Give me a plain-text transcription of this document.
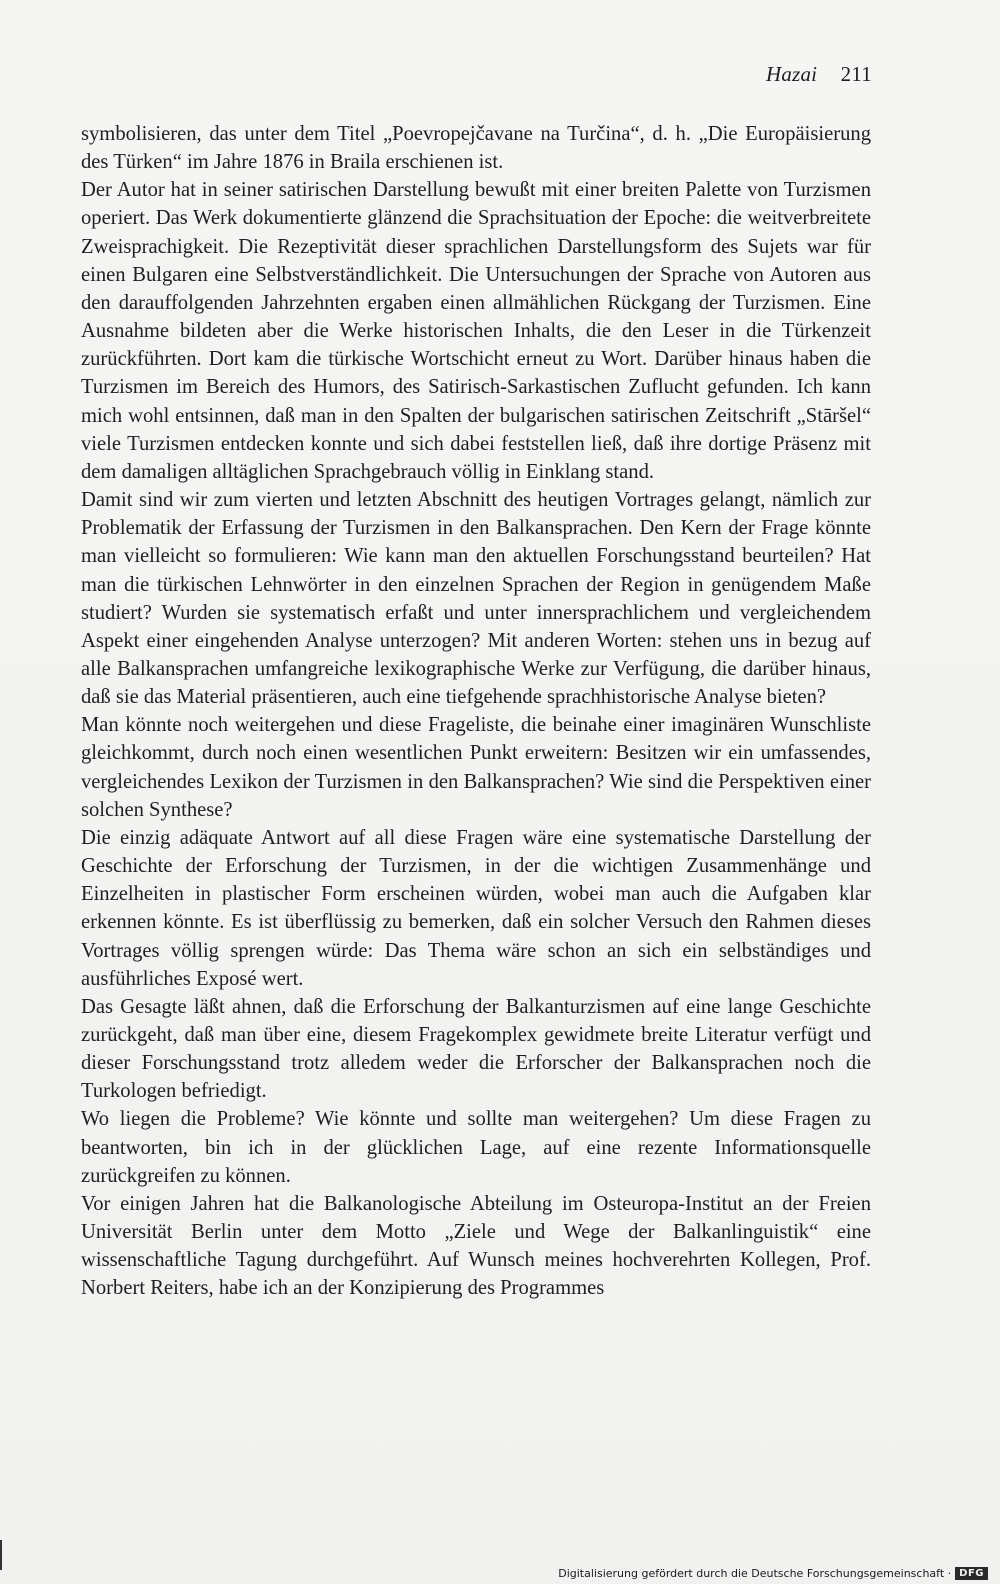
Hazai 211

symbolisieren, das unter dem Titel „Poevropejčavane na Turčina“, d. h. „Die Europäisierung des Türken“ im Jahre 1876 in Braila erschienen ist.

Der Autor hat in seiner satirischen Darstellung bewußt mit einer breiten Palette von Turzismen operiert. Das Werk dokumentierte glänzend die Sprachsituation der Epoche: die weitverbreitete Zweisprachigkeit. Die Rezeptivität dieser sprachlichen Darstellungsform des Sujets war für einen Bulgaren eine Selbstverständlichkeit. Die Untersuchungen der Sprache von Autoren aus den darauffolgenden Jahrzehnten ergaben einen allmählichen Rückgang der Turzismen. Eine Ausnahme bildeten aber die Werke historischen Inhalts, die den Leser in die Türkenzeit zurückführten. Dort kam die türkische Wortschicht erneut zu Wort. Darüber hinaus haben die Turzismen im Bereich des Humors, des Satirisch-Sarkastischen Zuflucht gefunden. Ich kann mich wohl entsinnen, daß man in den Spalten der bulgarischen satirischen Zeitschrift „Stāršel“ viele Turzismen entdecken konnte und sich dabei feststellen ließ, daß ihre dortige Präsenz mit dem damaligen alltäglichen Sprachgebrauch völlig in Einklang stand.

Damit sind wir zum vierten und letzten Abschnitt des heutigen Vortrages gelangt, nämlich zur Problematik der Erfassung der Turzismen in den Balkansprachen. Den Kern der Frage könnte man vielleicht so formulieren: Wie kann man den aktuellen Forschungsstand beurteilen? Hat man die türkischen Lehnwörter in den einzelnen Sprachen der Region in genügendem Maße studiert? Wurden sie systematisch erfaßt und unter innersprachlichem und vergleichendem Aspekt einer eingehenden Analyse unterzogen? Mit anderen Worten: stehen uns in bezug auf alle Balkansprachen umfangreiche lexikographische Werke zur Verfügung, die darüber hinaus, daß sie das Material präsentieren, auch eine tiefgehende sprachhistorische Analyse bieten?

Man könnte noch weitergehen und diese Frageliste, die beinahe einer imaginären Wunschliste gleichkommt, durch noch einen wesentlichen Punkt erweitern: Besitzen wir ein umfassendes, vergleichendes Lexikon der Turzismen in den Balkansprachen? Wie sind die Perspektiven einer solchen Synthese?

Die einzig adäquate Antwort auf all diese Fragen wäre eine systematische Darstellung der Geschichte der Erforschung der Turzismen, in der die wichtigen Zusammenhänge und Einzelheiten in plastischer Form erscheinen würden, wobei man auch die Aufgaben klar erkennen könnte. Es ist überflüssig zu bemerken, daß ein solcher Versuch den Rahmen dieses Vortrages völlig sprengen würde: Das Thema wäre schon an sich ein selbständiges und ausführliches Exposé wert.

Das Gesagte läßt ahnen, daß die Erforschung der Balkanturzismen auf eine lange Geschichte zurückgeht, daß man über eine, diesem Fragekomplex gewidmete breite Literatur verfügt und dieser Forschungsstand trotz alledem weder die Erforscher der Balkansprachen noch die Turkologen befriedigt.

Wo liegen die Probleme? Wie könnte und sollte man weitergehen? Um diese Fragen zu beantworten, bin ich in der glücklichen Lage, auf eine rezente Informationsquelle zurückgreifen zu können.

Vor einigen Jahren hat die Balkanologische Abteilung im Osteuropa-Institut an der Freien Universität Berlin unter dem Motto „Ziele und Wege der Balkanlinguistik“ eine wissenschaftliche Tagung durchgeführt. Auf Wunsch meines hochverehrten Kollegen, Prof. Norbert Reiters, habe ich an der Konzipierung des Programmes

Digitalisierung gefördert durch die Deutsche Forschungsgemeinschaft · DFG
